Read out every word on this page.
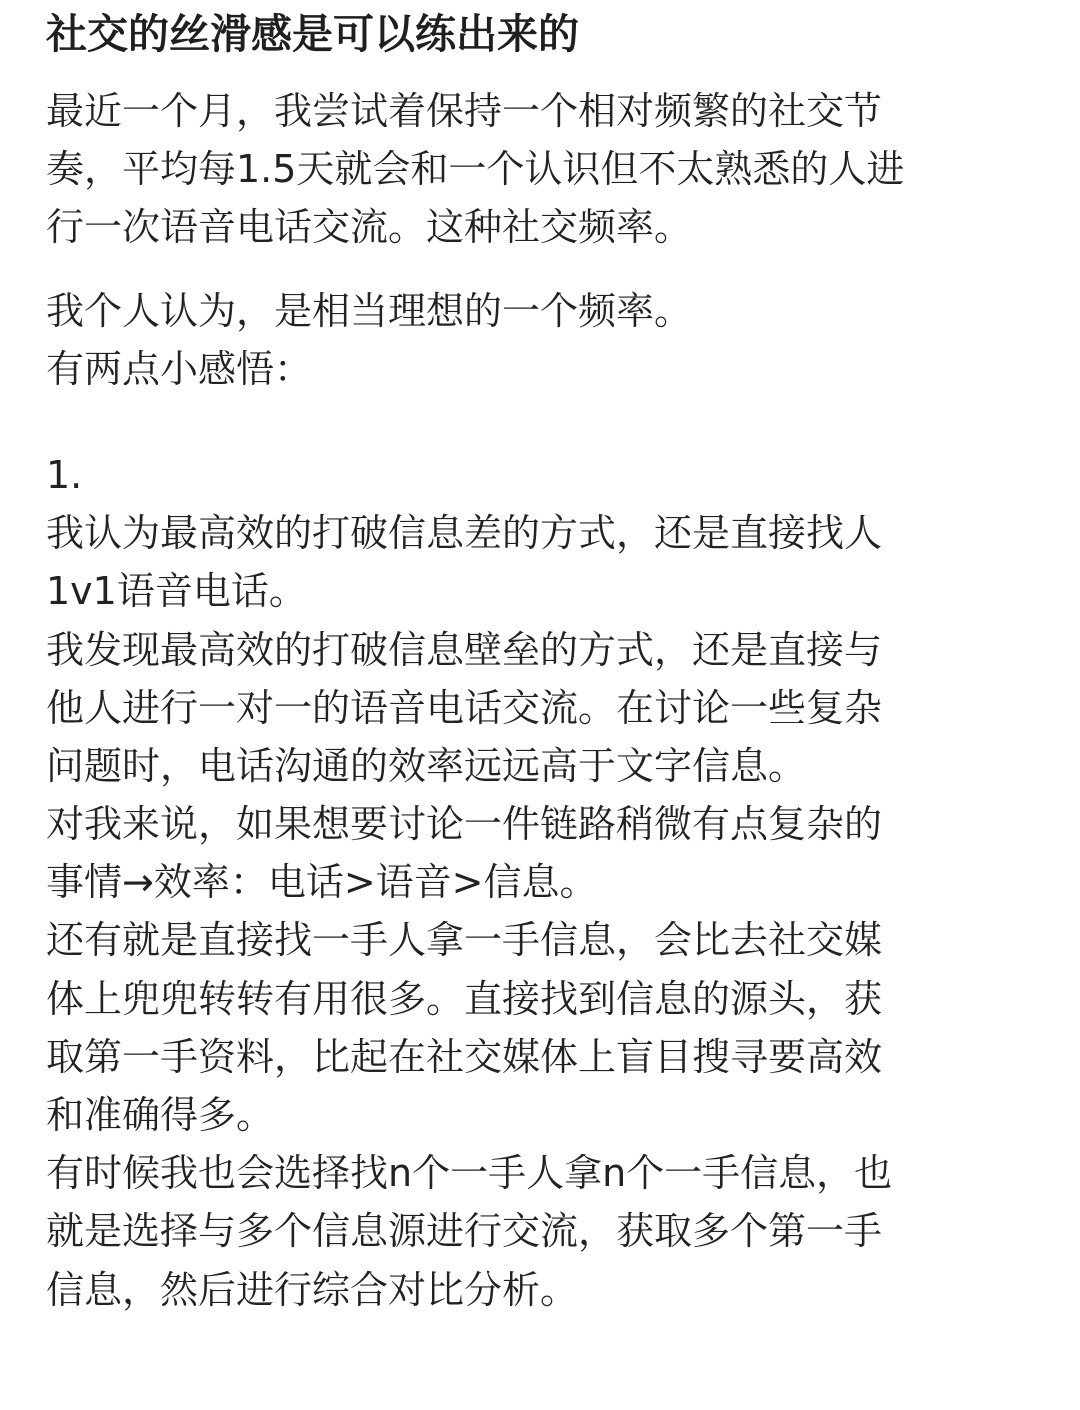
社交的丝滑感是可以练出来的
最近一个月，我尝试着保持一个相对频繁的社交节
奏，平均每1.5天就会和一个认识但不太熟悉的人进
行一次语音电话交流。这种社交频率。
我个人认为，是相当理想的一个频率。
有两点小感悟：
1.
我认为最高效的打破信息差的方式，还是直接找人
1v1语音电话。
我发现最高效的打破信息壁垒的方式，还是直接与
他人进行一对一的语音电话交流。在讨论一些复杂
问题时，电话沟通的效率远远高于文字信息。
对我来说，如果想要讨论一件链路稍微有点复杂的
事情→效率：电话>语音>信息。
还有就是直接找一手人拿一手信息，会比去社交媒
体上兜兜转转有用很多。直接找到信息的源头，获
取第一手资料，比起在社交媒体上盲目搜寻要高效
和准确得多。
有时候我也会选择找n个一手人拿n个一手信息，也
就是选择与多个信息源进行交流，获取多个第一手
信息，然后进行综合对比分析。
